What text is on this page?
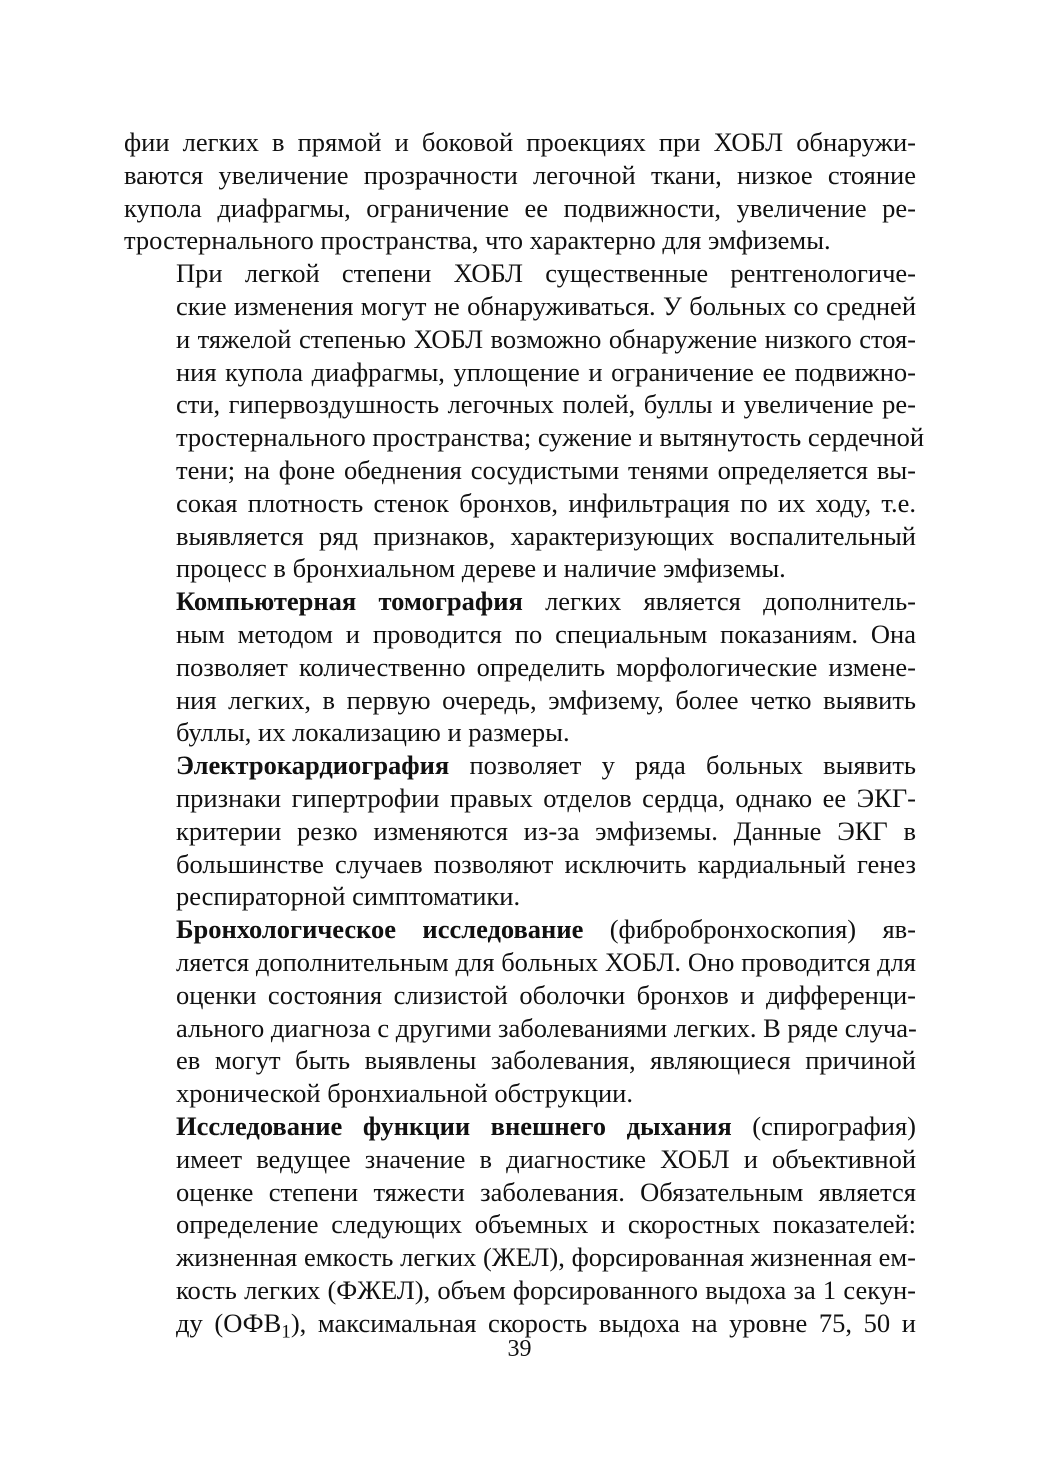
фии легких в прямой и боковой проекциях при ХОБЛ обнаружи-
ваются увеличение прозрачности легочной ткани, низкое стояние
купола диафрагмы, ограничение ее подвижности, увеличение ре-
тростернального пространства, что характерно для эмфиземы.

При легкой степени ХОБЛ существенные рентгенологиче-
ские изменения могут не обнаруживаться. У больных со средней
и тяжелой степенью ХОБЛ возможно обнаружение низкого стоя-
ния купола диафрагмы, уплощение и ограничение ее подвижно-
сти, гипервоздушность легочных полей, буллы и увеличение ре-
тростернального пространства; сужение и вытянутость сердечной
тени; на фоне обеднения сосудистыми тенями определяется вы-
сокая плотность стенок бронхов, инфильтрация по их ходу, т.е.
выявляется ряд признаков, характеризующих воспалительный
процесс в бронхиальном дереве и наличие эмфиземы.

Компьютерная томография легких является дополнитель-
ным методом и проводится по специальным показаниям. Она
позволяет количественно определить морфологические измене-
ния легких, в первую очередь, эмфизему, более четко выявить
буллы, их локализацию и размеры.

Электрокардиография позволяет у ряда больных выявить
признаки гипертрофии правых отделов сердца, однако ее ЭКГ-
критерии резко изменяются из-за эмфиземы. Данные ЭКГ в
большинстве случаев позволяют исключить кардиальный генез
респираторной симптоматики.

Бронхологическое исследование (фибробронхоскопия) яв-
ляется дополнительным для больных ХОБЛ. Оно проводится для
оценки состояния слизистой оболочки бронхов и дифференци-
ального диагноза с другими заболеваниями легких. В ряде случа-
ев могут быть выявлены заболевания, являющиеся причиной
хронической бронхиальной обструкции.

Исследование функции внешнего дыхания (спирография)
имеет ведущее значение в диагностике ХОБЛ и объективной
оценке степени тяжести заболевания. Обязательным является
определение следующих объемных и скоростных показателей:
жизненная емкость легких (ЖЕЛ), форсированная жизненная ем-
кость легких (ФЖЕЛ), объем форсированного выдоха за 1 секун-
ду $(ОФВ_1)$, максимальная скорость выдоха на уровне 75, 50 и

39
